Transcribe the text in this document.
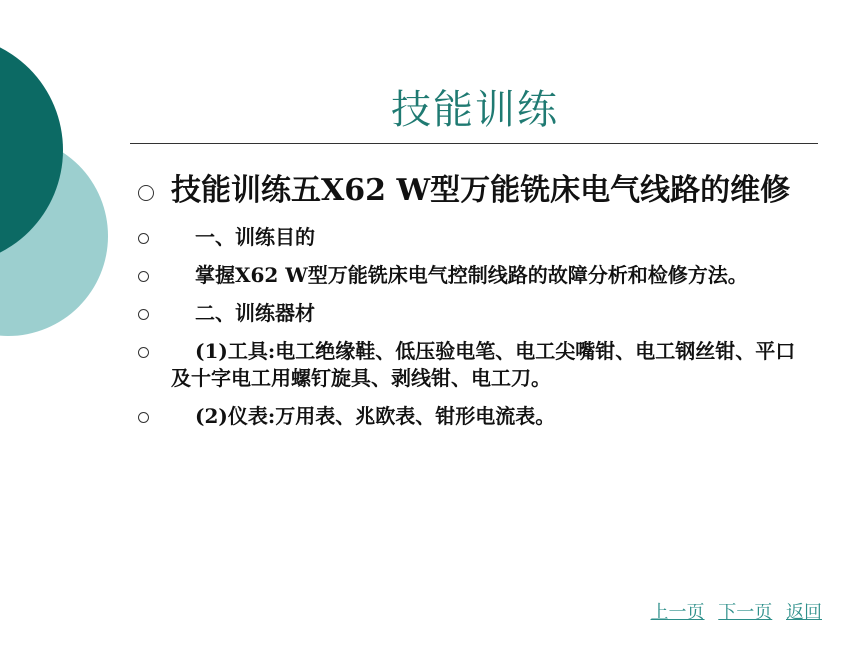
技能训练
技能训练五X62 W型万能铣床电气线路的维修
一、训练目的
掌握X62 W型万能铣床电气控制线路的故障分析和检修方法。
二、训练器材
(1)工具:电工绝缘鞋、低压验电笔、电工尖嘴钳、电工钢丝钳、平口及十字电工用螺钉旋具、剥线钳、电工刀。
(2)仪表:万用表、兆欧表、钳形电流表。
上一页 下一页 返回
